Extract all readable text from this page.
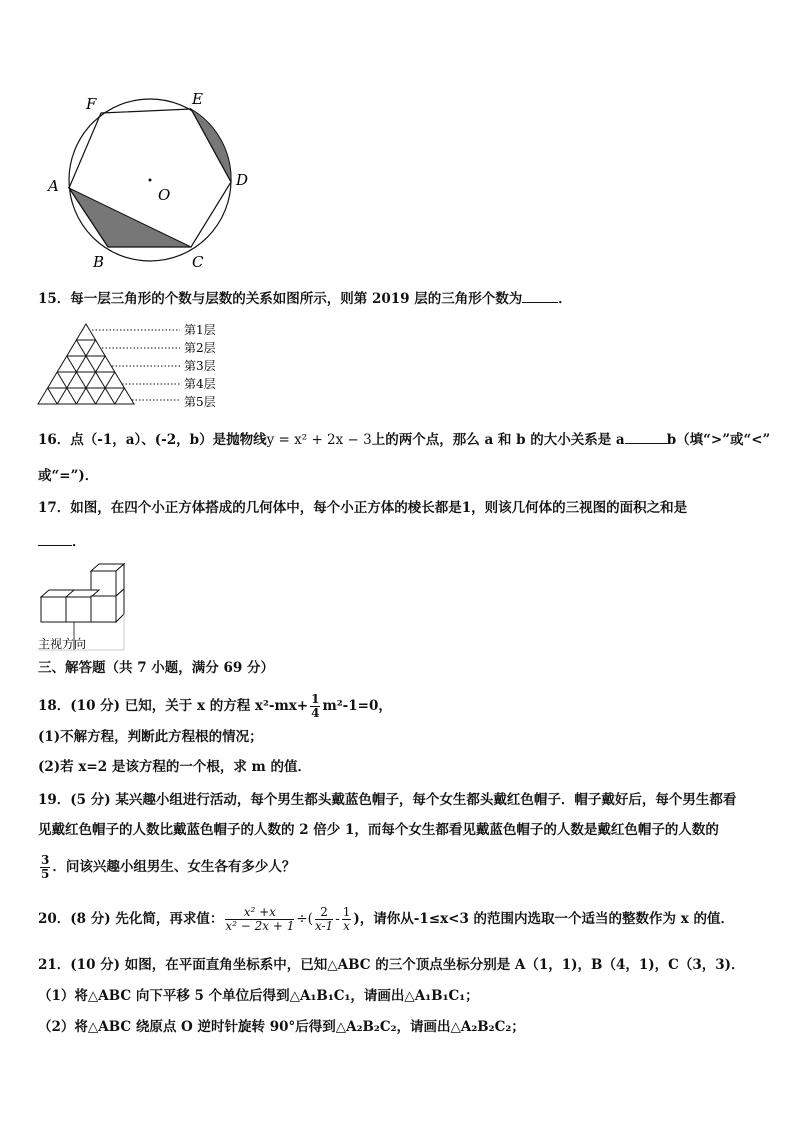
F	E
D
C
B
A	O
15．每一层三角形的个数与层数的关系如图所示，则第 2019 层的三角形个数为	．
第1层
第2层
第3层
第4层
第5层
16．点（-1，a）、(-2，b）是抛物线y = x² + 2x − 3上的两个点，那么 a 和 b 的大小关系是 a	b（填“>”或“<”
或“=”)．
17．如图，在四个小正方体搭成的几何体中，每个小正方体的棱长都是1，则该几何体的三视图的面积之和是
．
主视方向
三、解答题（共 7 小题，满分 69 分）
18．(10 分) 已知，关于 x 的方程 $x^2-mx+ \frac{1}{4} m^2-1=0$，
(1)不解方程，判断此方程根的情况；
(2)若 x=2 是该方程的一个根，求 m 的值．
19．(5 分) 某兴趣小组进行活动，每个男生都头戴蓝色帽子，每个女生都头戴红色帽子．帽子戴好后，每个男生都看
见戴红色帽子的人数比戴蓝色帽子的人数的 2 倍少 1，而每个女生都看见戴蓝色帽子的人数是戴红色帽子的人数的
$\frac{3}{5}$ ．问该兴趣小组男生、女生各有多少人？
20．(8 分) 先化简，再求值： $\frac{\text{x² +x}}{\text{x² − 2x + 1}}$ ÷( $\frac{2}{x-1} - \frac{1}{x}$ )，请你从-1≤x<3 的范围内选取一个适当的整数作为 x 的值．
21．(10 分) 如图，在平面直角坐标系中，已知△ABC 的三个顶点坐标分别是 A（1，1)，B（4，1)，C（3，3)．
（1）将△ABC 向下平移 5 个单位后得到△A₁B₁C₁，请画出△A₁B₁C₁；
（2）将△ABC 绕原点 O 逆时针旋转 90°后得到△A₂B₂C₂，请画出△A₂B₂C₂；
